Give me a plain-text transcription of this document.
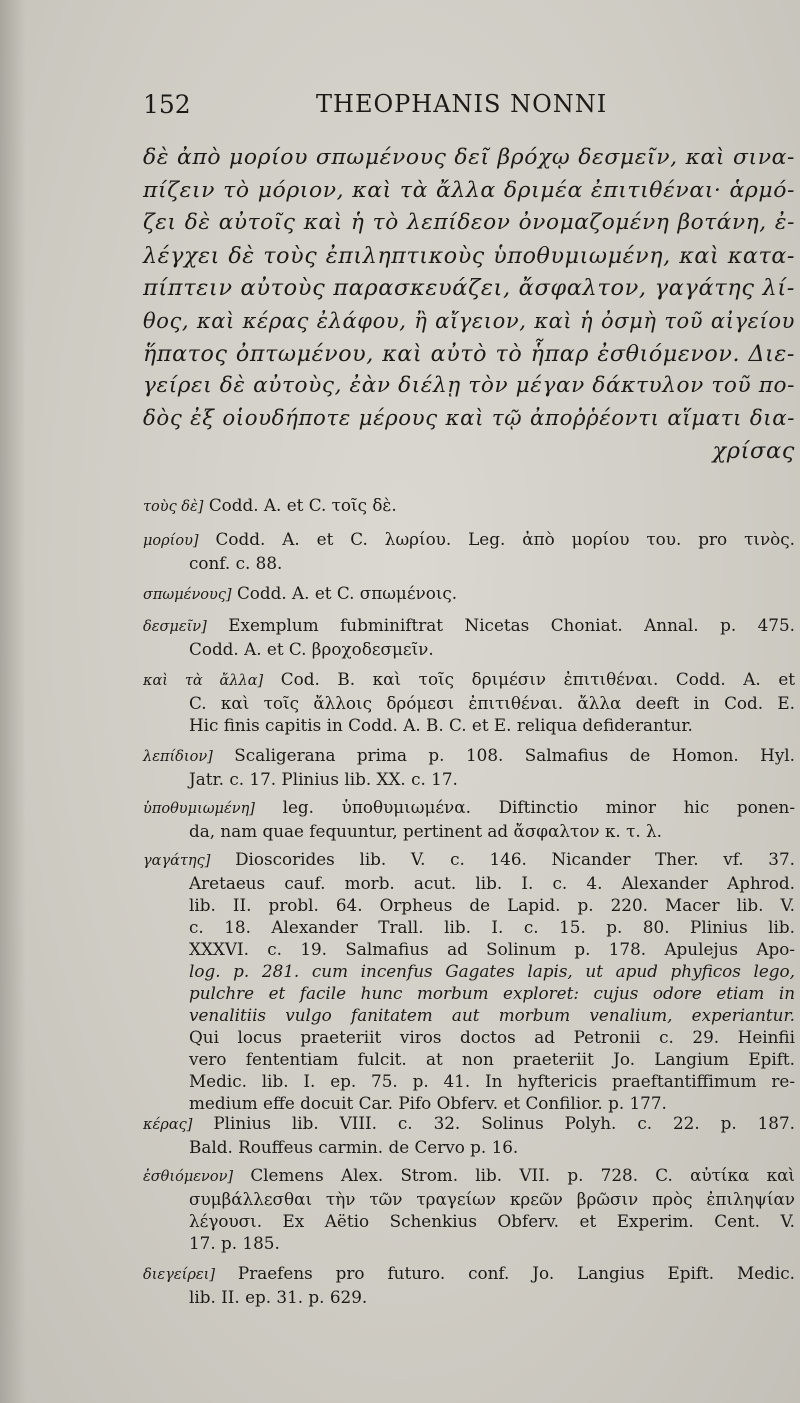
152	THEOPHANIS NONNI
δὲ ἀπὸ μορίου σπωμένους δεῖ βρόχῳ δεσμεῖν, καὶ σινα-
πίζειν τὸ μόριον, καὶ τὰ ἄλλα δριμέα ἐπιτιθέναι· ἁρμό-
ζει δὲ αὐτοῖς καὶ ἡ τὸ λεπίδεον ὀνομαζομένη βοτάνη, ἐ-
λέγχει δὲ τοὺς ἐπιληπτικοὺς ὑποθυμιωμένη, καὶ κατα-
πίπτειν αὐτοὺς παρασκευάζει, ἄσφαλτον, γαγάτης λί-
θος, καὶ κέρας ἐλάφου, ἢ αἴγειον, καὶ ἡ ὀσμὴ τοῦ αἰγείου
ἥπατος ὀπτωμένου, καὶ αὐτὸ τὸ ἧπαρ ἐσθιόμενον. Διε-
γείρει δὲ αὐτοὺς, ἐὰν διέλῃ τὸν μέγαν δάκτυλον τοῦ πο-
δὸς ἐξ οἱουδήποτε μέρους καὶ τῷ ἀποῤῥέοντι αἵματι δια-
χρίσας
τοὺς δὲ] Codd. A. et C. τοῖς δὲ.
μορίου] Codd. A. et C. λωρίου. Leg. ἀπὸ μορίου του. pro τινὸς.
conf. c. 88.
σπωμένους] Codd. A. et C. σπωμένοις.
δεσμεῖν] Exemplum fubminiftrat Nicetas Choniat. Annal. p. 475.
Codd. A. et C. βροχοδεσμεῖν.
καὶ τὰ ἄλλα] Cod. B. καὶ τοῖς δριμέσιν ἐπιτιθέναι. Codd. A. et
C. καὶ τοῖς ἄλλοις δρόμεσι ἐπιτιθέναι. ἄλλα deeft in Cod. E.
Hic finis capitis in Codd. A. B. C. et E. reliqua defiderantur.
λεπίδιον] Scaligerana prima p. 108. Salmafius de Homon. Hyl.
Jatr. c. 17. Plinius lib. XX. c. 17.
ὑποθυμιωμένη] leg. ὑποθυμιωμένα. Diftinctio minor hic ponen-
da, nam quae fequuntur, pertinent ad ἄσφαλτον κ. τ. λ.
γαγάτης] Dioscorides lib. V. c. 146. Nicander Ther. vf. 37.
Aretaeus cauf. morb. acut. lib. I. c. 4. Alexander Aphrod.
lib. II. probl. 64. Orpheus de Lapid. p. 220. Macer lib. V.
c. 18. Alexander Trall. lib. I. c. 15. p. 80. Plinius lib.
XXXVI. c. 19. Salmafius ad Solinum p. 178. Apulejus Apo-
log. p. 281. cum incenfus Gagates lapis, ut apud phyficos lego,
pulchre et facile hunc morbum exploret: cujus odore etiam in
venalitiis vulgo fanitatem aut morbum venalium, experiantur.
Qui locus praeteriit viros doctos ad Petronii c. 29. Heinfii
vero fententiam fulcit. at non praeteriit Jo. Langium Epift.
Medic. lib. I. ep. 75. p. 41. In hyftericis praeftantiffimum re-
medium effe docuit Car. Pifo Obferv. et Confilior. p. 177.
κέρας] Plinius lib. VIII. c. 32. Solinus Polyh. c. 22. p. 187.
Bald. Rouffeus carmin. de Cervo p. 16.
ἐσθιόμενον] Clemens Alex. Strom. lib. VII. p. 728. C. αὐτίκα καὶ
συμβάλλεσθαι τὴν τῶν τραγείων κρεῶν βρῶσιν πρὸς ἐπιληψίαν
λέγουσι. Ex Aëtio Schenkius Obferv. et Experim. Cent. V.
17. p. 185.
διεγείρει] Praefens pro futuro. conf. Jo. Langius Epift. Medic.
lib. II. ep. 31. p. 629.
